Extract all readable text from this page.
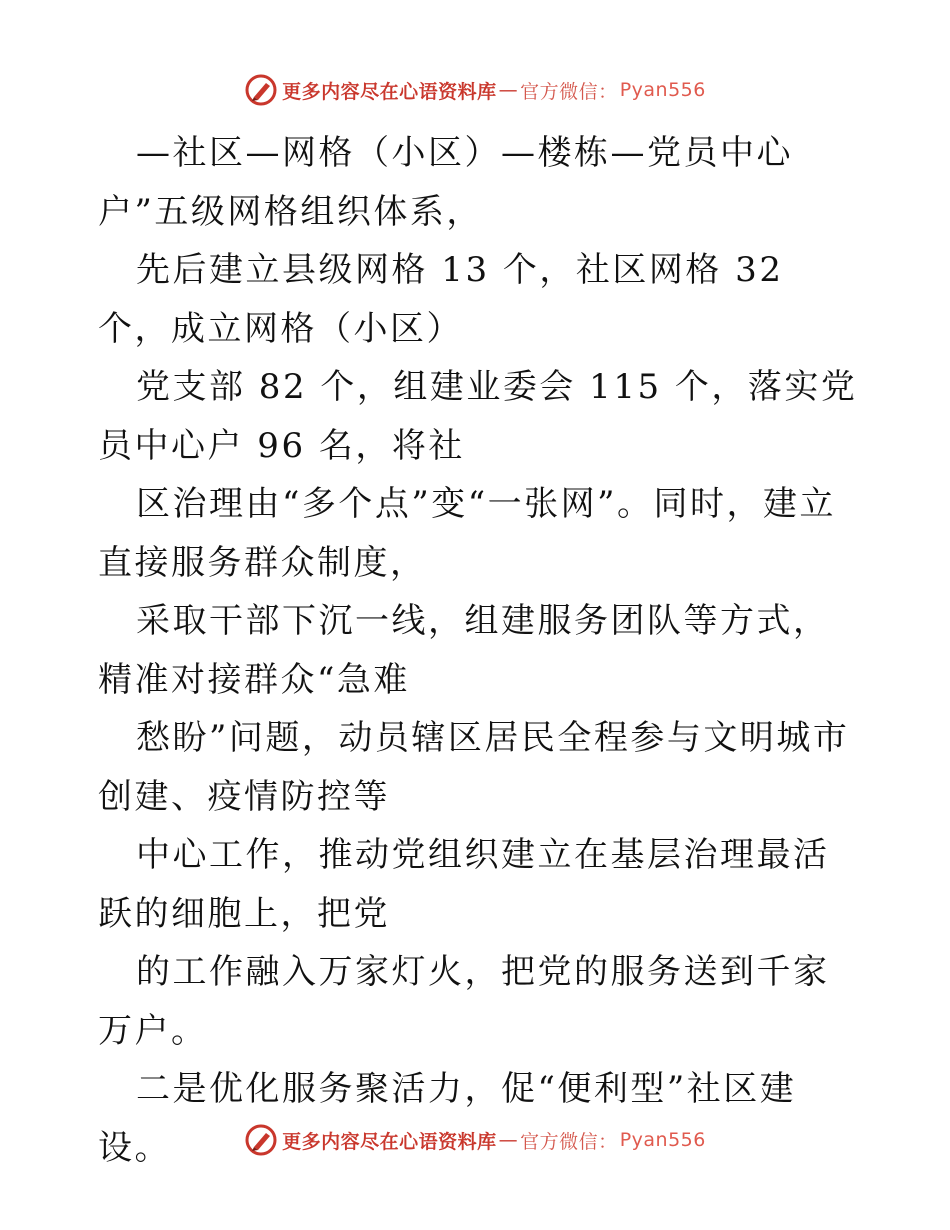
更多内容尽在心语资料库 — 官方微信： Pyan556

—社区—网格（小区）—楼栋—党员中心户”五级网格组织体系，

先后建立县级网格 13 个，社区网格 32 个，成立网格（小区）

党支部 82 个，组建业委会 115 个，落实党员中心户 96 名，将社

区治理由“多个点”变“一张网”。同时，建立直接服务群众制度，

采取干部下沉一线，组建服务团队等方式，精准对接群众“急难

愁盼”问题，动员辖区居民全程参与文明城市创建、疫情防控等

中心工作，推动党组织建立在基层治理最活跃的细胞上，把党

的工作融入万家灯火，把党的服务送到千家万户。

二是优化服务聚活力，促“便利型”社区建设。	更多内容尽在心语资料库 — 官方微信： Pyan556
